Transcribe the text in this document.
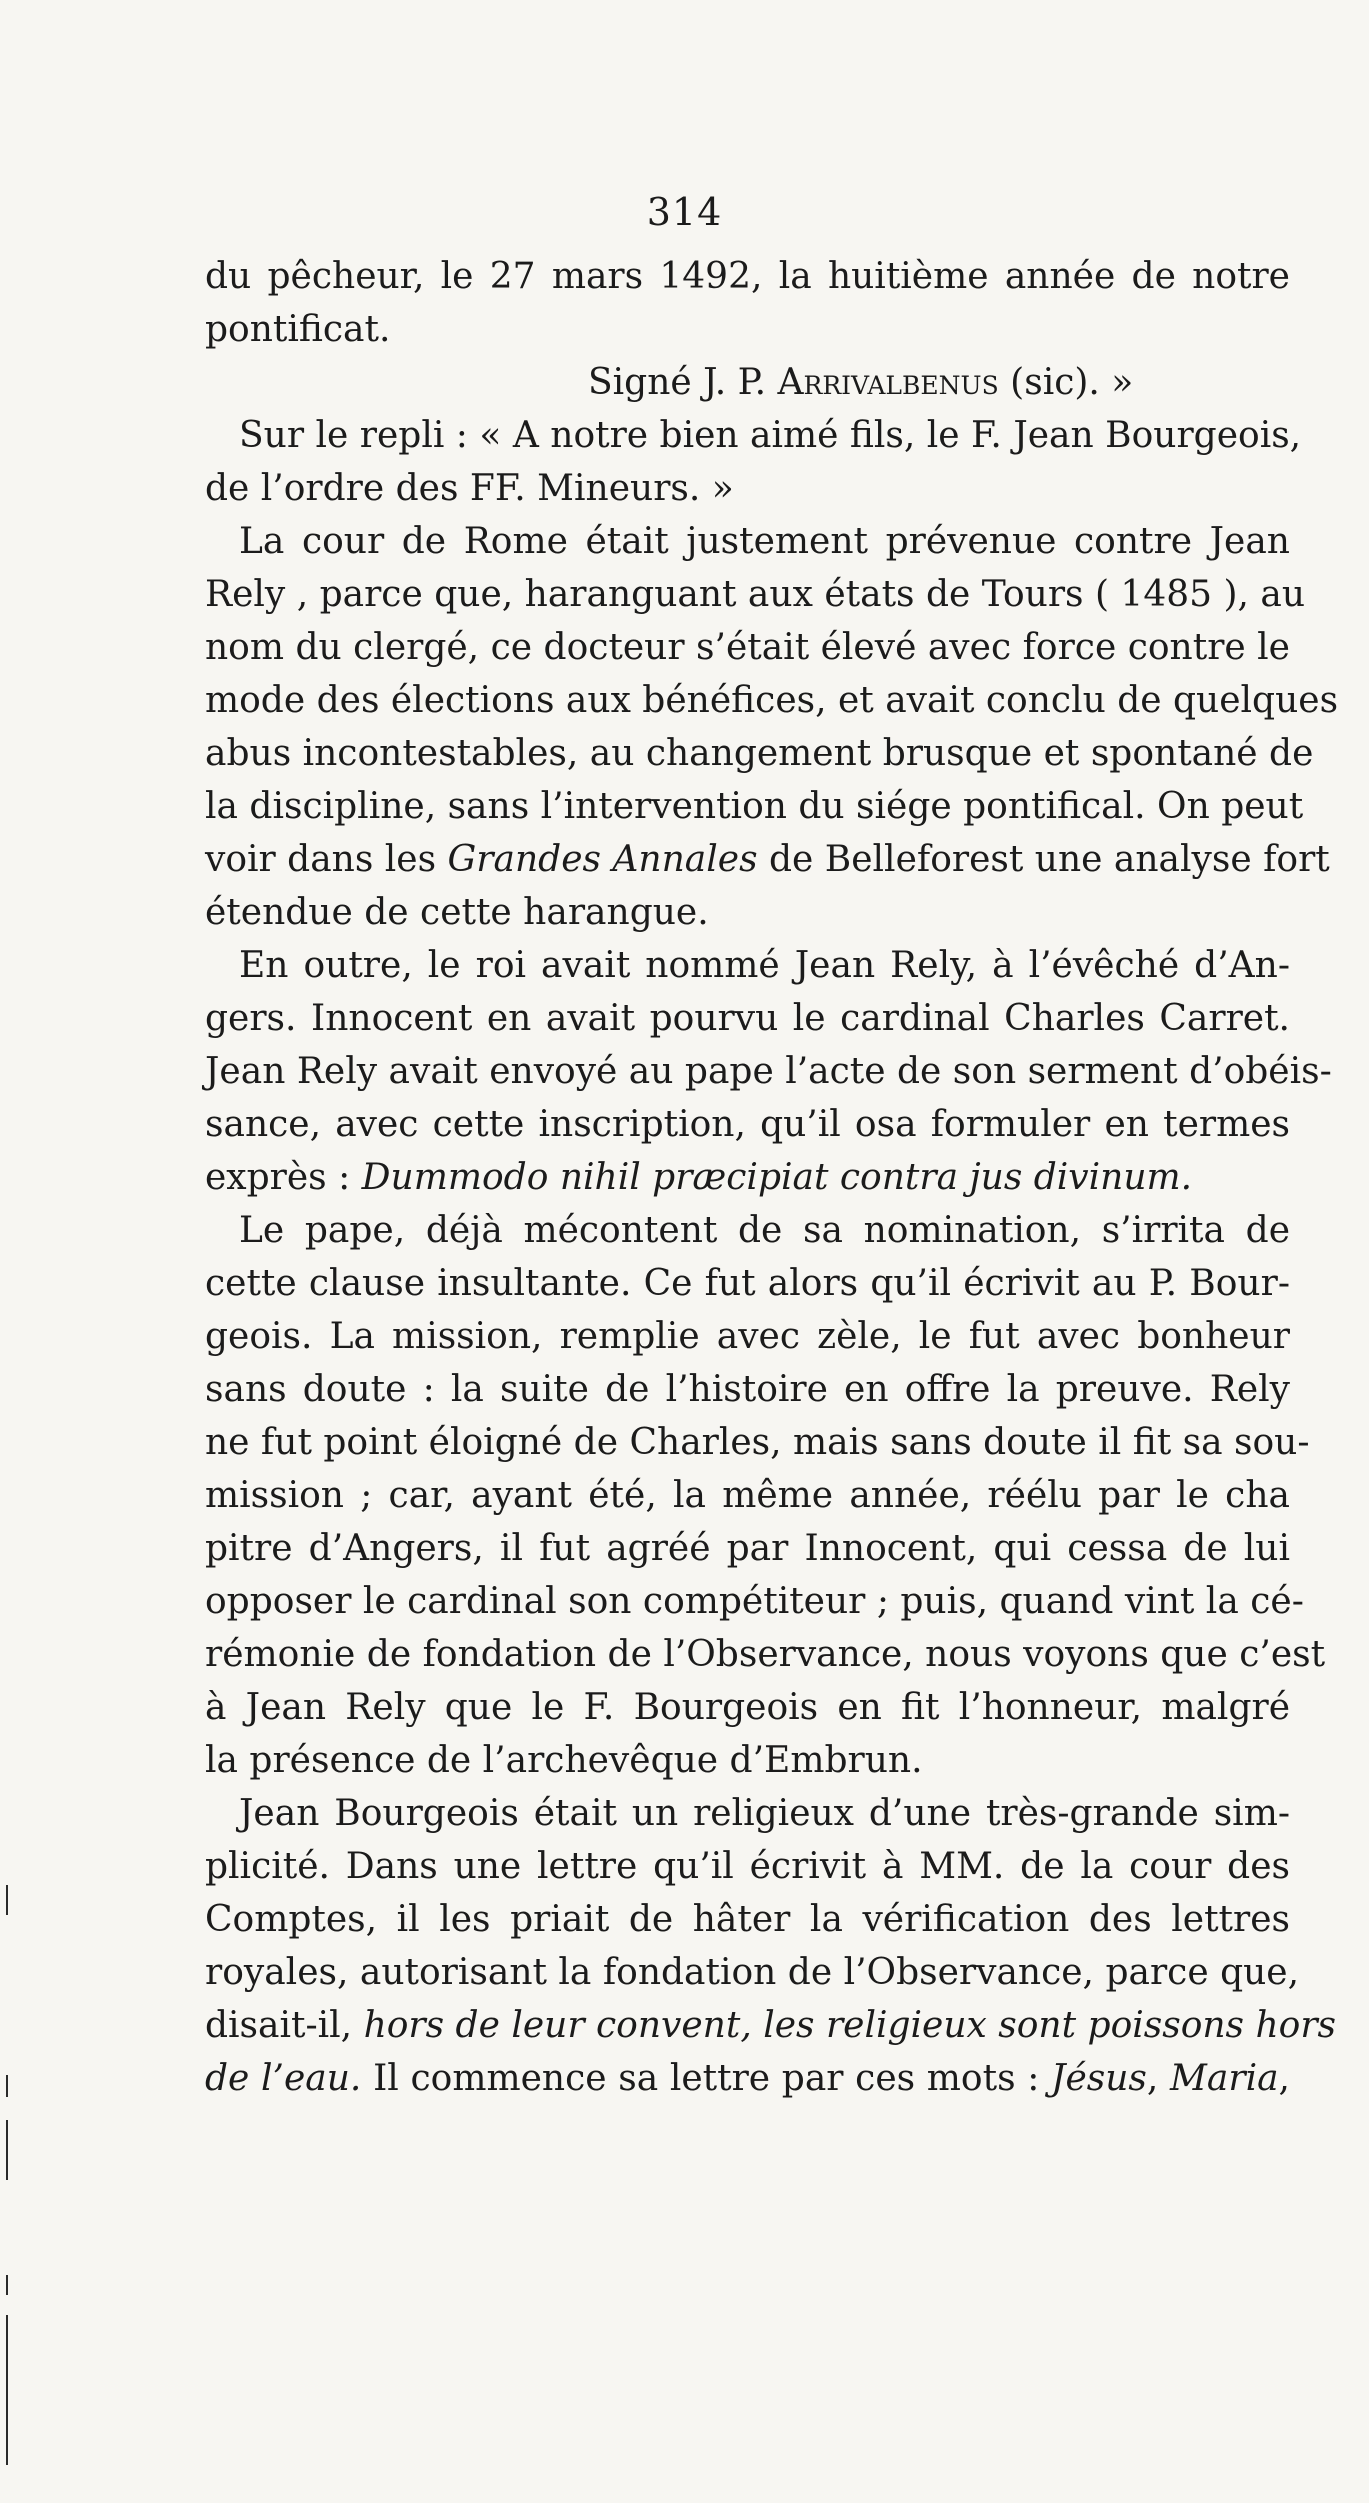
314
du pêcheur, le 27 mars 1492, la huitième année de notre
pontificat.
Signé J. P. Arrivalbenus (sic). »
Sur le repli : « A notre bien aimé fils, le F. Jean Bourgeois,
de l’ordre des FF. Mineurs. »
La cour de Rome était justement prévenue contre Jean
Rely , parce que, haranguant aux états de Tours ( 1485 ), au
nom du clergé, ce docteur s’était élevé avec force contre le
mode des élections aux bénéfices, et avait conclu de quelques
abus incontestables, au changement brusque et spontané de
la discipline, sans l’intervention du siége pontifical. On peut
voir dans les Grandes Annales de Belleforest une analyse fort
étendue de cette harangue.
En outre, le roi avait nommé Jean Rely, à l’évêché d’An-
gers. Innocent en avait pourvu le cardinal Charles Carret.
Jean Rely avait envoyé au pape l’acte de son serment d’obéis-
sance, avec cette inscription, qu’il osa formuler en termes
exprès : Dummodo nihil præcipiat contra jus divinum.
Le pape, déjà mécontent de sa nomination, s’irrita de
cette clause insultante. Ce fut alors qu’il écrivit au P. Bour-
geois. La mission, remplie avec zèle, le fut avec bonheur
sans doute : la suite de l’histoire en offre la preuve. Rely
ne fut point éloigné de Charles, mais sans doute il fit sa sou-
mission ; car, ayant été, la même année, réélu par le cha
pitre d’Angers, il fut agréé par Innocent, qui cessa de lui
opposer le cardinal son compétiteur ; puis, quand vint la cé-
rémonie de fondation de l’Observance, nous voyons que c’est
à Jean Rely que le F. Bourgeois en fit l’honneur, malgré
la présence de l’archevêque d’Embrun.
Jean Bourgeois était un religieux d’une très-grande sim-
plicité. Dans une lettre qu’il écrivit à MM. de la cour des
Comptes, il les priait de hâter la vérification des lettres
royales, autorisant la fondation de l’Observance, parce que,
disait-il, hors de leur convent, les religieux sont poissons hors
de l’eau. Il commence sa lettre par ces mots : Jésus, Maria,
